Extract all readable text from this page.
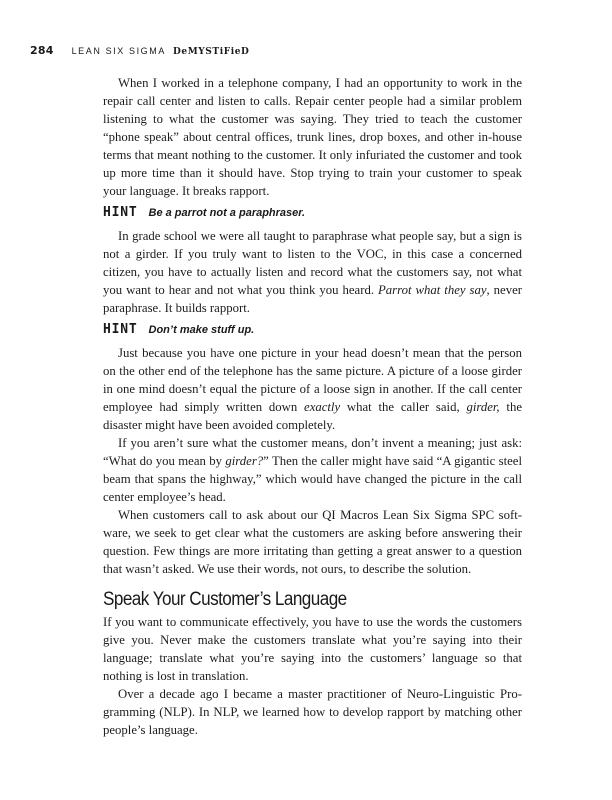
284 LEAN SIX SIGMA DeMYSTiFieD

When I worked in a telephone company, I had an opportunity to work in the repair call center and listen to calls. Repair center people had a similar problem listening to what the customer was saying. They tried to teach the customer “phone speak” about central offices, trunk lines, drop boxes, and other in-house terms that meant nothing to the customer. It only infuriated the customer and took up more time than it should have. Stop trying to train your customer to speak your language. It breaks rapport.

HINT Be a parrot not a paraphraser.

In grade school we were all taught to paraphrase what people say, but a sign is not a girder. If you truly want to listen to the VOC, in this case a concerned citizen, you have to actually listen and record what the customers say, not what you want to hear and not what you think you heard. Parrot what they say, never paraphrase. It builds rapport.

HINT Don’t make stuff up.

Just because you have one picture in your head doesn’t mean that the person on the other end of the telephone has the same picture. A picture of a loose girder in one mind doesn’t equal the picture of a loose sign in another. If the call center employee had simply written down exactly what the caller said, girder, the disaster might have been avoided completely.

If you aren’t sure what the customer means, don’t invent a meaning; just ask: “What do you mean by girder?” Then the caller might have said “A gigantic steel beam that spans the highway,” which would have changed the picture in the call center employee’s head.

When customers call to ask about our QI Macros Lean Six Sigma SPC software, we seek to get clear what the customers are asking before answering their question. Few things are more irritating than getting a great answer to a question that wasn’t asked. We use their words, not ours, to describe the solution.

Speak Your Customer’s Language

If you want to communicate effectively, you have to use the words the customers give you. Never make the customers translate what you’re saying into their language; translate what you’re saying into the customers’ language so that nothing is lost in translation.

Over a decade ago I became a master practitioner of Neuro-Linguistic Programming (NLP). In NLP, we learned how to develop rapport by matching other people’s language.
